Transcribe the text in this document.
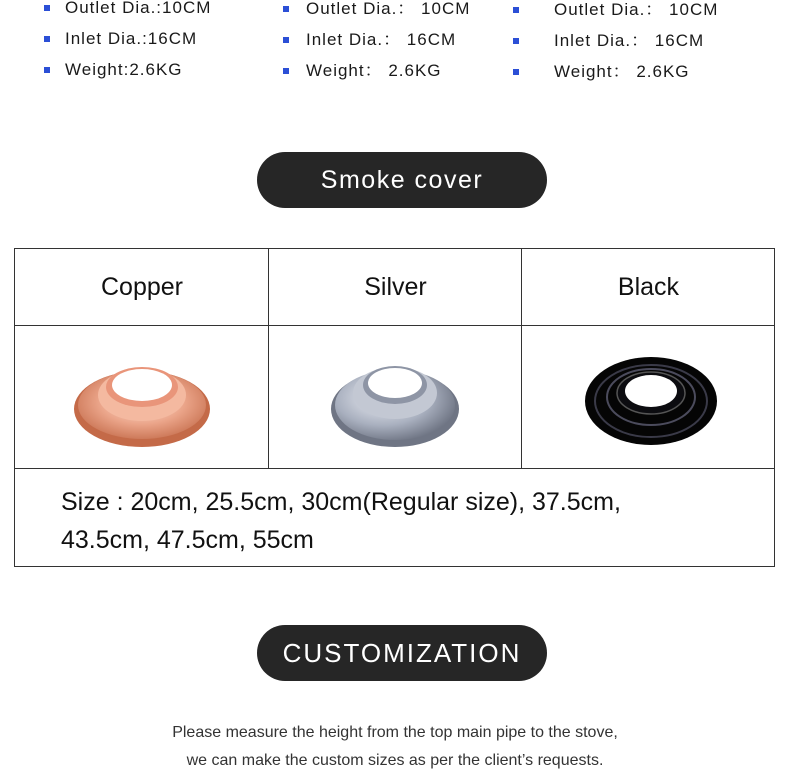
Outlet Dia.:10CM
Inlet Dia.:16CM
Weight:2.6KG
Outlet Dia.： 10CM
Inlet Dia.： 16CM
Weight： 2.6KG
Outlet Dia.： 10CM
Inlet Dia.： 16CM
Weight： 2.6KG
Smoke cover
Copper	Silver	Black
Size : 20cm, 25.5cm, 30cm(Regular size), 37.5cm,
43.5cm, 47.5cm, 55cm
CUSTOMIZATION
Please measure the height from the top main pipe to the stove,
we can make the custom sizes as per the client’s requests.
